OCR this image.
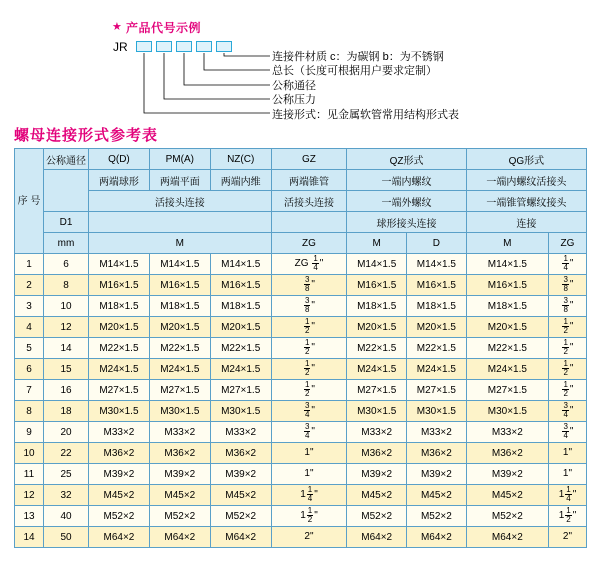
★ 产品代号示例
JR
连接件材质 c：为碳钢 b：为不锈钢
总长（长度可根据用户要求定制）
公称通径
公称压力
连接形式：见金属软管常用结构形式表
螺母连接形式参考表
序 号	公称通径	Q(D)	PM(A)	NZ(C)	GZ	QZ形式		QG形式	
		两端球形	两端平面	两端内维	两端锥管	一端内螺纹		一端内螺纹活接头	
		活接头连接			活接头连接	一端外螺纹		一端锥管螺纹接头	
	D1					球形接头连接		连接	
	mm	M			ZG	M	D	M	ZG
1	6	M14×1.5	M14×1.5	M14×1.5	ZG $\frac{1}{4}$ "	M14×1.5	M14×1.5	M14×1.5	$\frac{1}{4}$ "

2	8	M16×1.5	M16×1.5	M16×1.5	$\frac{3}{8}$ "	M16×1.5	M16×1.5	M16×1.5	$\frac{3}{8}$ "

3	10	M18×1.5	M18×1.5	M18×1.5	$\frac{3}{8}$ "	M18×1.5	M18×1.5	M18×1.5	$\frac{3}{8}$ "

4	12	M20×1.5	M20×1.5	M20×1.5	$\frac{1}{2}$ "	M20×1.5	M20×1.5	M20×1.5	$\frac{1}{2}$ "

5	14	M22×1.5	M22×1.5	M22×1.5	$\frac{1}{2}$ "	M22×1.5	M22×1.5	M22×1.5	$\frac{1}{2}$ "

6	15	M24×1.5	M24×1.5	M24×1.5	$\frac{1}{2}$ "	M24×1.5	M24×1.5	M24×1.5	$\frac{1}{2}$ "

7	16	M27×1.5	M27×1.5	M27×1.5	$\frac{1}{2}$ "	M27×1.5	M27×1.5	M27×1.5	$\frac{1}{2}$ "

8	18	M30×1.5	M30×1.5	M30×1.5	$\frac{3}{4}$ "	M30×1.5	M30×1.5	M30×1.5	$\frac{3}{4}$ "

9	20	M33×2	M33×2	M33×2	$\frac{3}{4}$ "	M33×2	M33×2	M33×2	$\frac{3}{4}$ "

10	22	M36×2	M36×2	M36×2	1"	M36×2	M36×2	M36×2	1"

11	25	M39×2	M39×2	M39×2	1"	M39×2	M39×2	M39×2	1"

12	32	M45×2	M45×2	M45×2	$1 \frac{1}{4}$ "	M45×2	M45×2	M45×2	$1 \frac{1}{4}$ "

13	40	M52×2	M52×2	M52×2	$1 \frac{1}{2}$ "	M52×2	M52×2	M52×2	$1 \frac{1}{2}$ "

14	50	M64×2	M64×2	M64×2	2"	M64×2	M64×2	M64×2	2"
